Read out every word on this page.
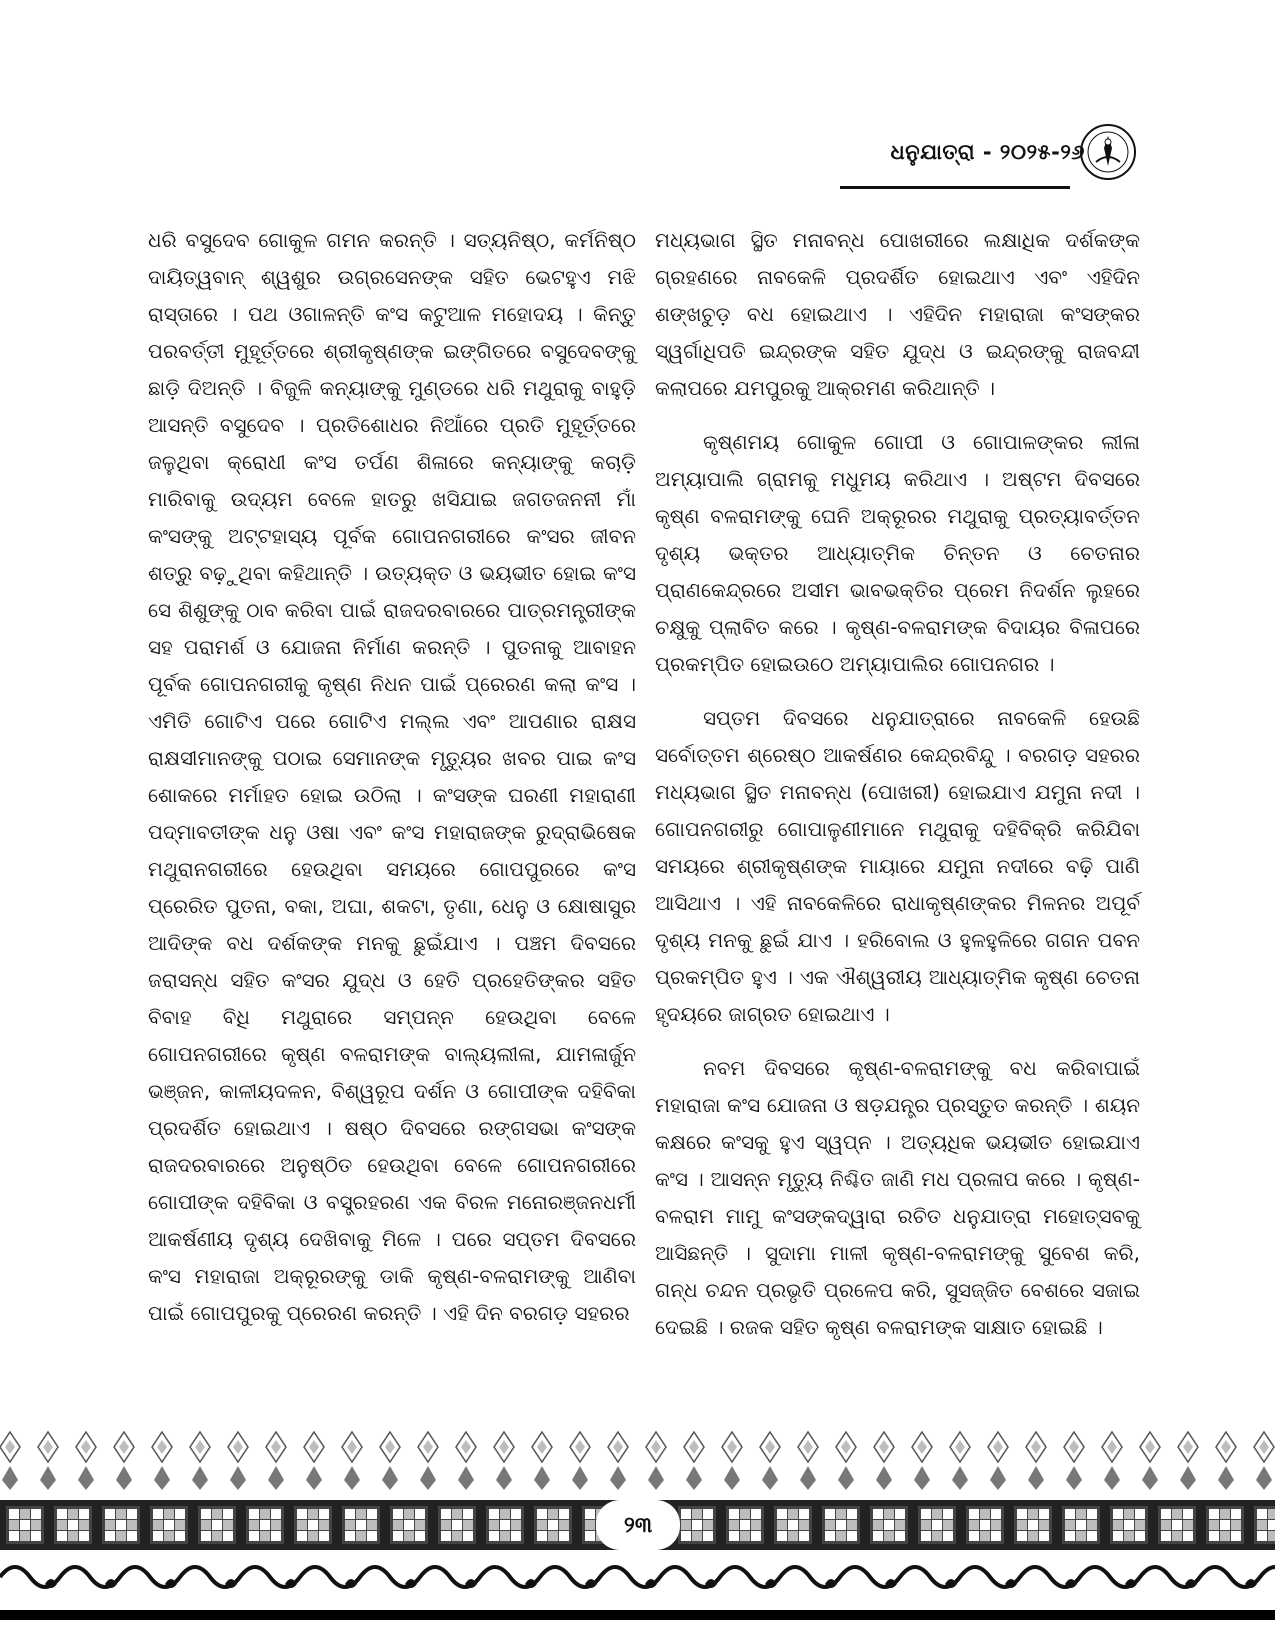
ଧନୁଯାତ୍ରା - ୨୦୨୫-୨୬

ଧରି ବସୁଦେବ ଗୋକୁଳ ଗମନ କରନ୍ତି । ସତ୍ୟନିଷ୍ଠ, କର୍ମନିଷ୍ଠ ଦାୟିତ୍ୱବାନ୍ ଶ୍ୱଶୁର ଉଗ୍ରସେନଙ୍କ ସହିତ ଭେଟହୁଏ ମଝି ରାସ୍ତାରେ । ପଥ ଓଗାଳନ୍ତି କଂସ କଟୁଆଳ ମହୋଦୟ । କିନ୍ତୁ ପରବର୍ତ୍ତୀ ମୁହୂର୍ତ୍ତରେ ଶ୍ରୀକୃଷ୍ଣଙ୍କ ଇଙ୍ଗିତରେ ବସୁଦେବଙ୍କୁ ଛାଡ଼ି ଦିଅନ୍ତି । ବିଜୁଳି କନ୍ୟାଙ୍କୁ ମୁଣ୍ଡରେ ଧରି ମଥୁରାକୁ ବାହୁଡ଼ି ଆସନ୍ତି ବସୁଦେବ । ପ୍ରତିଶୋଧର ନିଆଁରେ ପ୍ରତି ମୁହୂର୍ତ୍ତରେ ଜଳୁଥିବା କ୍ରୋଧୀ କଂସ ତର୍ପଣ ଶିଳାରେ କନ୍ୟାଙ୍କୁ କଚାଡ଼ି ମାରିବାକୁ ଉଦ୍ୟମ ବେଳେ ହାତରୁ ଖସିଯାଇ ଜଗତଜନନୀ ମାଁ କଂସଙ୍କୁ ଅଟ୍ଟହାସ୍ୟ ପୂର୍ବକ ଗୋପନଗରୀରେ କଂସର ଜୀବନ ଶତ୍ରୁ ବଢ଼ୁଥିବା କହିଥାନ୍ତି । ଉତ୍ୟକ୍ତ ଓ ଭୟଭୀତ ହୋଇ କଂସ ସେ ଶିଶୁଙ୍କୁ ଠାବ କରିବା ପାଇଁ ରାଜଦରବାରରେ ପାତ୍ରମନ୍ତ୍ରୀଙ୍କ ସହ ପରାମର୍ଶ ଓ ଯୋଜନା ନିର୍ମାଣ କରନ୍ତି । ପୁତନାକୁ ଆବାହନ ପୂର୍ବକ ଗୋପନଗରୀକୁ କୃଷ୍ଣ ନିଧନ ପାଇଁ ପ୍ରେରଣ କଲା କଂସ । ଏମିତି ଗୋଟିଏ ପରେ ଗୋଟିଏ ମଲ୍ଲ ଏବଂ ଆପଣାର ରାକ୍ଷସ ରାକ୍ଷସୀମାନଙ୍କୁ ପଠାଇ ସେମାନଙ୍କ ମୃତ୍ୟୁର ଖବର ପାଇ କଂସ ଶୋକରେ ମର୍ମାହତ ହୋଇ ଉଠିଲା । କଂସଙ୍କ ଘରଣୀ ମହାରାଣୀ ପଦ୍ମାବତୀଙ୍କ ଧନୁ ଓଷା ଏବଂ କଂସ ମହାରାଜଙ୍କ ରୁଦ୍ରାଭିଷେକ ମଥୁରାନଗରୀରେ ହେଉଥିବା ସମୟରେ ଗୋପପୁରରେ କଂସ ପ୍ରେରିତ ପୁତନା, ବକା, ଅଘା, ଶକଟା, ତୃଣା, ଧେନୁ ଓ କ୍ଷୋଷାସୁର ଆଦିଙ୍କ ବଧ ଦର୍ଶକଙ୍କ ମନକୁ ଛୁଇଁଯାଏ । ପଞ୍ଚମ ଦିବସରେ ଜରାସନ୍ଧ ସହିତ କଂସର ଯୁଦ୍ଧ ଓ ହେତି ପ୍ରହେତିଙ୍କର ସହିତ ବିବାହ ବିଧି ମଥୁରାରେ ସମ୍ପନ୍ନ ହେଉଥିବା ବେଳେ ଗୋପନଗରୀରେ କୃଷ୍ଣ ବଳରାମଙ୍କ ବାଲ୍ୟଲୀଳା, ଯାମଳାର୍ଜୁନ ଭଞ୍ଜନ, କାଳୀୟଦଳନ, ବିଶ୍ୱରୂପ ଦର୍ଶନ ଓ ଗୋପୀଙ୍କ ଦହିବିକା ପ୍ରଦର୍ଶିତ ହୋଇଥାଏ । ଷଷ୍ଠ ଦିବସରେ ରଙ୍ଗସଭା କଂସଙ୍କ ରାଜଦରବାରରେ ଅନୁଷ୍ଠିତ ହେଉଥିବା ବେଳେ ଗୋପନଗରୀରେ ଗୋପୀଙ୍କ ଦହିବିକା ଓ ବସ୍ତ୍ରହରଣ ଏକ ବିରଳ ମନୋରଞ୍ଜନଧର୍ମୀ ଆକର୍ଷଣୀୟ ଦୃଶ୍ୟ ଦେଖିବାକୁ ମିଳେ । ପରେ ସପ୍ତମ ଦିବସରେ କଂସ ମହାରାଜା ଅକ୍ରୂରଙ୍କୁ ଡାକି କୃଷ୍ଣ-ବଳରାମଙ୍କୁ ଆଣିବା ପାଇଁ ଗୋପପୁରକୁ ପ୍ରେରଣ କରନ୍ତି । ଏହି ଦିନ ବରଗଡ଼ ସହରର

ମଧ୍ୟଭାଗ ସ୍ଥିତ ମନାବନ୍ଧ ପୋଖରୀରେ ଲକ୍ଷାଧିକ ଦର୍ଶକଙ୍କ ଗ୍ରହଣରେ ନାବକେଳି ପ୍ରଦର୍ଶିତ ହୋଇଥାଏ ଏବଂ ଏହିଦିନ ଶଙ୍ଖଚୁଡ଼ ବଧ ହୋଇଥାଏ । ଏହିଦିନ ମହାରାଜା କଂସଙ୍କର ସ୍ୱର୍ଗାଧିପତି ଇନ୍ଦ୍ରଙ୍କ ସହିତ ଯୁଦ୍ଧ ଓ ଇନ୍ଦ୍ରଙ୍କୁ ରାଜବନ୍ଦୀ କଲାପରେ ଯମପୁରକୁ ଆକ୍ରମଣ କରିଥାନ୍ତି ।

କୃଷ୍ଣମୟ ଗୋକୁଳ ଗୋପୀ ଓ ଗୋପାଳଙ୍କର ଲୀଳା ଅମ୍ୟାପାଲି ଗ୍ରାମକୁ ମଧୁମୟ କରିଥାଏ । ଅଷ୍ଟମ ଦିବସରେ କୃଷ୍ଣ ବଳରାମଙ୍କୁ ଘେନି ଅକ୍ରୂରର ମଥୁରାକୁ ପ୍ରତ୍ୟାବର୍ତ୍ତନ ଦୃଶ୍ୟ ଭକ୍ତର ଆଧ୍ୟାତ୍ମିକ ଚିନ୍ତନ ଓ ଚେତନାର ପ୍ରାଣକେନ୍ଦ୍ରରେ ଅସୀମ ଭାବଭକ୍ତିର ପ୍ରେମ ନିଦର୍ଶନ ଲୁହରେ ଚକ୍ଷୁକୁ ପ୍ଲାବିତ କରେ । କୃଷ୍ଣ-ବଳରାମଙ୍କ ବିଦାୟର ବିଳାପରେ ପ୍ରକମ୍ପିତ ହୋଇଉଠେ ଅମ୍ୟାପାଲିର ଗୋପନଗର ।

ସପ୍ତମ ଦିବସରେ ଧନୁଯାତ୍ରାରେ ନାବକେଳି ହେଉଛି ସର୍ବୋତ୍ତମ ଶ୍ରେଷ୍ଠ ଆକର୍ଷଣର କେନ୍ଦ୍ରବିନ୍ଦୁ । ବରଗଡ଼ ସହରର ମଧ୍ୟଭାଗ ସ୍ଥିତ ମନାବନ୍ଧ (ପୋଖରୀ) ହୋଇଯାଏ ଯମୁନା ନଦୀ । ଗୋପନଗରୀରୁ ଗୋପାଳୁଣୀମାନେ ମଥୁରାକୁ ଦହିବିକ୍ରି କରିଯିବା ସମୟରେ ଶ୍ରୀକୃଷ୍ଣଙ୍କ ମାୟାରେ ଯମୁନା ନଦୀରେ ବଢ଼ି ପାଣି ଆସିଥାଏ । ଏହି ନାବକେଳିରେ ରାଧାକୃଷ୍ଣଙ୍କର ମିଳନର ଅପୂର୍ବ ଦୃଶ୍ୟ ମନକୁ ଛୁଇଁ ଯାଏ । ହରିବୋଲ ଓ ହୁଳହୁଳିରେ ଗଗନ ପବନ ପ୍ରକମ୍ପିତ ହୁଏ । ଏକ ଐଶ୍ୱରୀୟ ଆଧ୍ୟାତ୍ମିକ କୃଷ୍ଣ ଚେତନା ହୃଦୟରେ ଜାଗ୍ରତ ହୋଇଥାଏ ।

ନବମ ଦିବସରେ କୃଷ୍ଣ-ବଳରାମଙ୍କୁ ବଧ କରିବାପାଇଁ ମହାରାଜା କଂସ ଯୋଜନା ଓ ଷଡ଼ଯନ୍ତ୍ର ପ୍ରସ୍ତୁତ କରନ୍ତି । ଶୟନ କକ୍ଷରେ କଂସକୁ ହୁଏ ସ୍ୱପ୍ନ । ଅତ୍ୟଧିକ ଭୟଭୀତ ହୋଇଯାଏ କଂସ । ଆସନ୍ନ ମୃତ୍ୟୁ ନିଶ୍ଚିତ ଜାଣି ମଧ ପ୍ରଳାପ କରେ । କୃଷ୍ଣ-ବଳରାମ ମାମୁ କଂସଙ୍କଦ୍ୱାରା ରଚିତ ଧନୁଯାତ୍ରା ମହୋତ୍ସବକୁ ଆସିଛନ୍ତି । ସୁଦାମା ମାଳୀ କୃଷ୍ଣ-ବଳରାମଙ୍କୁ ସୁବେଶ କରି, ଗନ୍ଧ ଚନ୍ଦନ ପ୍ରଭୃତି ପ୍ରଳେପ କରି, ସୁସଜ୍ଜିତ ବେଶରେ ସଜାଇ ଦେଇଛି । ରଜକ ସହିତ କୃଷ୍ଣ ବଳରାମଙ୍କ ସାକ୍ଷାତ ହୋଇଛି ।

୨୩
